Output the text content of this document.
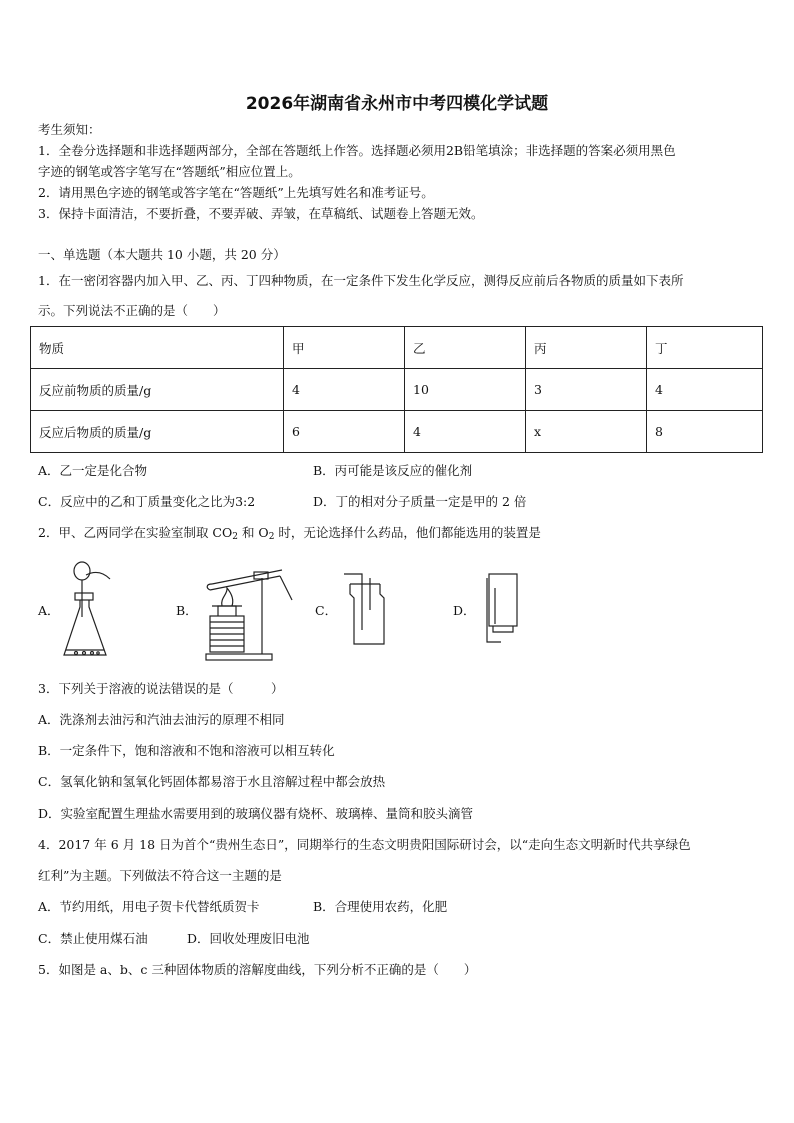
2026年湖南省永州市中考四模化学试题
考生须知：
1．全卷分选择题和非选择题两部分，全部在答题纸上作答。选择题必须用2B铅笔填涂；非选择题的答案必须用黑色
字迹的钢笔或答字笔写在“答题纸”相应位置上。
2．请用黑色字迹的钢笔或答字笔在“答题纸”上先填写姓名和准考证号。
3．保持卡面清洁，不要折叠，不要弄破、弄皱，在草稿纸、试题卷上答题无效。
一、单选题（本大题共 10 小题，共 20 分）
1．在一密闭容器内加入甲、乙、丙、丁四种物质，在一定条件下发生化学反应，测得反应前后各物质的质量如下表所
示。下列说法不正确的是（　　）
物质	甲	乙	丙	丁
反应前物质的质量/g	4	10	3	4
反应后物质的质量/g	6	4	x	8
A．乙一定是化合物	B．丙可能是该反应的催化剂
C．反应中的乙和丁质量变化之比为3:2	D．丁的相对分子质量一定是甲的 2 倍
2．甲、乙两同学在实验室制取 $CO_2$ 和 $O_2$ 时，无论选择什么药品，他们都能选用的装置是
A．	B．	C．	D．
3．下列关于溶液的说法错误的是（　　　）
A．洗涤剂去油污和汽油去油污的原理不相同
B．一定条件下，饱和溶液和不饱和溶液可以相互转化
C．氢氧化钠和氢氧化钙固体都易溶于水且溶解过程中都会放热
D．实验室配置生理盐水需要用到的玻璃仪器有烧杯、玻璃棒、量筒和胶头滴管
4．2017 年 6 月 18 日为首个“贵州生态日”，同期举行的生态文明贵阳国际研讨会，以“走向生态文明新时代共享绿色
红利”为主题。下列做法不符合这一主题的是
A．节约用纸，用电子贺卡代替纸质贺卡	B．合理使用农药，化肥
C．禁止使用煤石油	D．回收处理废旧电池
5．如图是 a、b、c 三种固体物质的溶解度曲线，下列分析不正确的是（　　）
